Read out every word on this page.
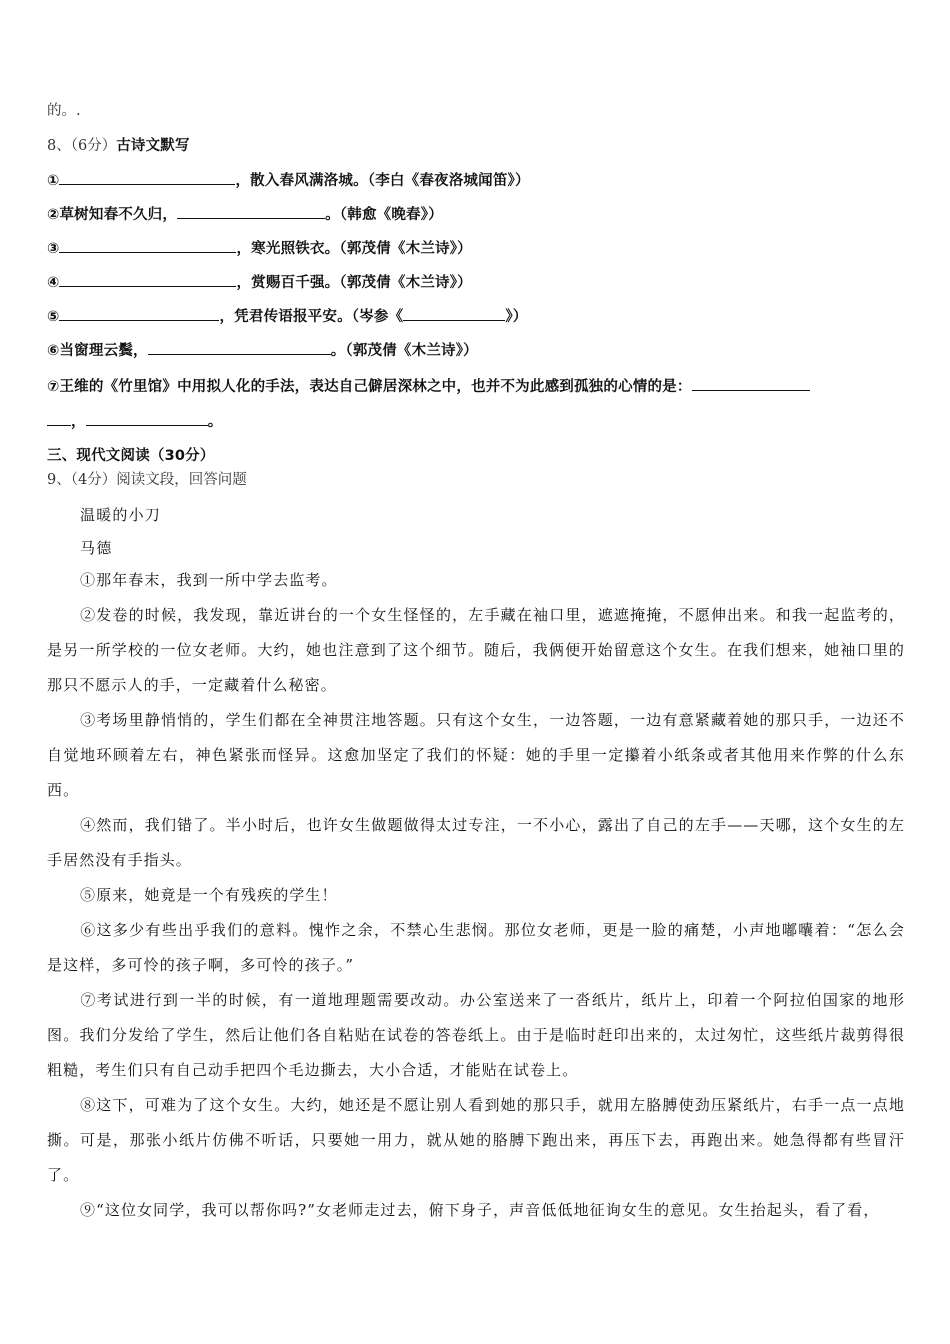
的。.
8、（6分）古诗文默写
①	，散入春风满洛城。（李白《春夜洛城闻笛》）
②草树知春不久归，	。（韩愈《晚春》）
③	，寒光照铁衣。（郭茂倩《木兰诗》）
④	，赏赐百千强。（郭茂倩《木兰诗》）
⑤	，凭君传语报平安。（岑参《	》）
⑥当窗理云鬓，	。（郭茂倩《木兰诗》）
⑦王维的《竹里馆》中用拟人化的手法，表达自己僻居深林之中，也并不为此感到孤独的心情的是：
，	。
三、现代文阅读（30分）
9、（4分）阅读文段，回答问题
温暖的小刀
马德
①那年春末，我到一所中学去监考。
②发卷的时候，我发现，靠近讲台的一个女生怪怪的，左手藏在袖口里，遮遮掩掩，不愿伸出来。和我一起监考的，是另一所学校的一位女老师。大约，她也注意到了这个细节。随后，我俩便开始留意这个女生。在我们想来，她袖口里的那只不愿示人的手，一定藏着什么秘密。
③考场里静悄悄的，学生们都在全神贯注地答题。只有这个女生，一边答题，一边有意紧藏着她的那只手，一边还不自觉地环顾着左右，神色紧张而怪异。这愈加坚定了我们的怀疑：她的手里一定攥着小纸条或者其他用来作弊的什么东西。
④然而，我们错了。半小时后，也许女生做题做得太过专注，一不小心，露出了自己的左手——天哪，这个女生的左手居然没有手指头。
⑤原来，她竟是一个有残疾的学生！
⑥这多少有些出乎我们的意料。愧怍之余，不禁心生悲悯。那位女老师，更是一脸的痛楚，小声地嘟囔着：“怎么会是这样，多可怜的孩子啊，多可怜的孩子。”
⑦考试进行到一半的时候，有一道地理题需要改动。办公室送来了一沓纸片，纸片上，印着一个阿拉伯国家的地形图。我们分发给了学生，然后让他们各自粘贴在试卷的答卷纸上。由于是临时赶印出来的，太过匆忙，这些纸片裁剪得很粗糙，考生们只有自己动手把四个毛边撕去，大小合适，才能贴在试卷上。
⑧这下，可难为了这个女生。大约，她还是不愿让别人看到她的那只手，就用左胳膊使劲压紧纸片，右手一点一点地撕。可是，那张小纸片仿佛不听话，只要她一用力，就从她的胳膊下跑出来，再压下去，再跑出来。她急得都有些冒汗了。
⑨“这位女同学，我可以帮你吗?”女老师走过去，俯下身子，声音低低地征询女生的意见。女生抬起头，看了看，
